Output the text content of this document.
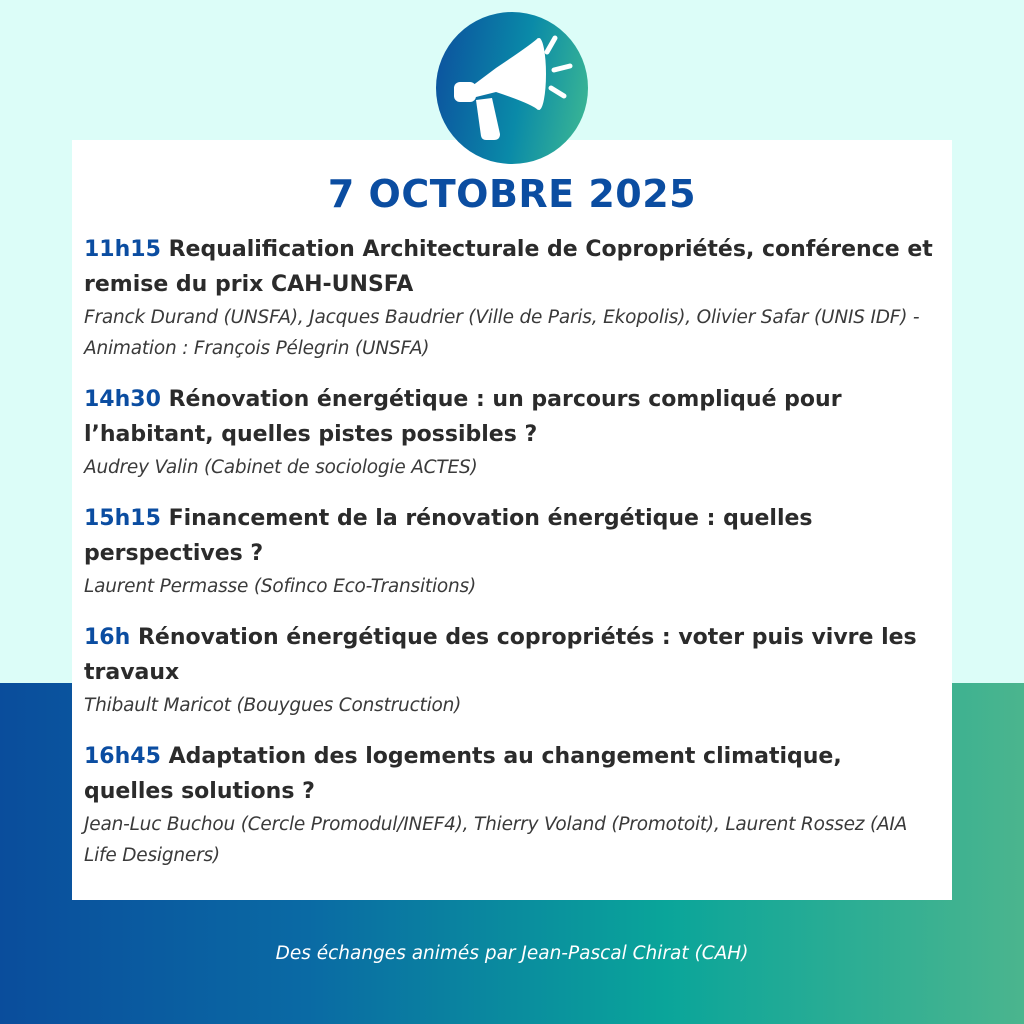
7 OCTOBRE 2025

11h15 Requalification Architecturale de Copropriétés, conférence et remise du prix CAH-UNSFA

Franck Durand (UNSFA), Jacques Baudrier (Ville de Paris, Ekopolis), Olivier Safar (UNIS IDF) - Animation : François Pélegrin (UNSFA)

14h30 Rénovation énergétique : un parcours compliqué pour l’habitant, quelles pistes possibles ?

Audrey Valin (Cabinet de sociologie ACTES)

15h15 Financement de la rénovation énergétique : quelles perspectives ?

Laurent Permasse (Sofinco Eco-Transitions)

16h Rénovation énergétique des copropriétés : voter puis vivre les travaux

Thibault Maricot (Bouygues Construction)

16h45 Adaptation des logements au changement climatique, quelles solutions ?

Jean-Luc Buchou (Cercle Promodul/INEF4), Thierry Voland (Promotoit), Laurent Rossez (AIA Life Designers)

Des échanges animés par Jean-Pascal Chirat (CAH)
